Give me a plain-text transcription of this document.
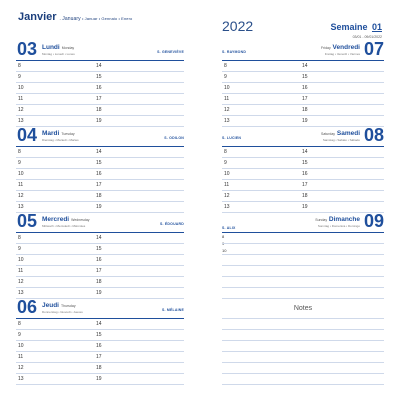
Janvier - January • Januar • Gennaio • Enero
03 Lundi Monday
Montag • Lunedì • Lunes	S. GENEVIÈVE
04 Mardi Tuesday
Dienstag • Martedì • Martes	S. ODILON
05 Mercredi Wednesday
Mittwoch • Mercoledì • Miércoles	S. ÉDOUARD
06 Jeudi Thursday
Donnerstag • Giovedì • Jueves	S. MÉLAINE
8	14
9	15
10	16
11	17
12	18
13	19
8	14
9	15
10	16
11	17
12	18
13	19
8	14
9	15
10	16
11	17
12	18
13	19
8	14
9	15
10	16
11	17
12	18
13	19
2022	Semaine 01
03/01 - 09/01/2022
S. RAYMOND
Friday Vendredi
Freitag • Venerdì • Viernes 07
S. LUCIEN
Saturday Samedi
Samstag • Sabato • Sábado 08
S. ALIX
Sunday Dimanche
Sonntag • Domenica • Domingo 09
Notes
8	14
9	15
10	16
11	17
12	18
13	19
8	14
9	15
10	16
11	17
12	18
13	19
8
9
10
